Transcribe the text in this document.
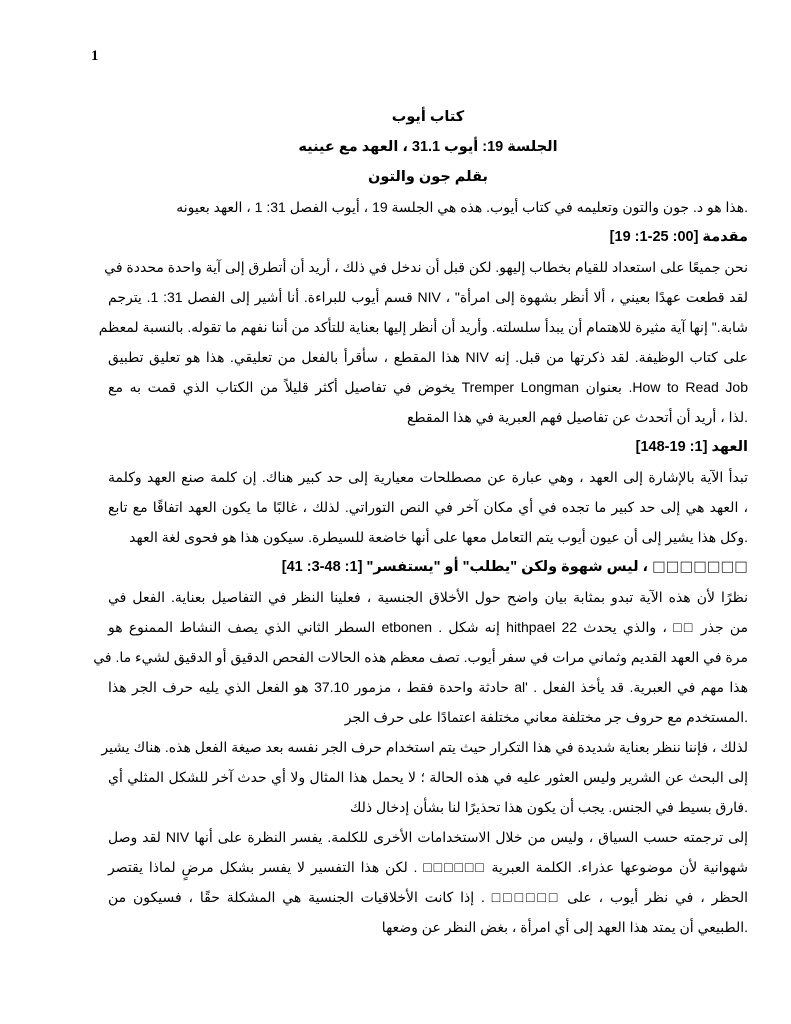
1

كتاب أيوب

الجلسة 19: أيوب 31.1 ، العهد مع عينيه

بقلم جون والتون

.هذا هو د. جون والتون وتعليمه في كتاب أيوب. هذه هي الجلسة 19 ، أيوب الفصل 31: 1 ، العهد بعيونه

مقدمة [00: 25-1: 19]

نحن جميعًا على استعداد للقيام بخطاب إليهو. لكن قبل أن ندخل في ذلك ، أريد أن أتطرق إلى آية واحدة محددة في

لقد قطعت عهدًا بعيني ، ألا أنظر بشهوة إلى امرأة" ، NIV قسم أيوب للبراءة. أنا أشير إلى الفصل 31: 1. يترجم

شابة." إنها آية مثيرة للاهتمام أن يبدأ سلسلته. وأريد أن أنظر إليها بعناية للتأكد من أننا نفهم ما تقوله. بالنسبة لمعظم

على كتاب الوظيفة. لقد ذكرتها من قبل. إنه NIV هذا المقطع ، سأقرأ بالفعل من تعليقي. هذا هو تعليق تطبيق

How to Read Job. بعنوان Tremper Longman يخوض في تفاصيل أكثر قليلاً من الكتاب الذي قمت به مع

.لذا ، أريد أن أتحدث عن تفاصيل فهم العبرية في هذا المقطع

العهد [1: 19-148]

تبدأ الآية بالإشارة إلى العهد ، وهي عبارة عن مصطلحات معيارية إلى حد كبير هناك. إن كلمة صنع العهد وكلمة

، العهد هي إلى حد كبير ما تجده في أي مكان آخر في النص التوراتي. لذلك ، غالبًا ما يكون العهد اتفاقًا مع تابع

.وكل هذا يشير إلى أن عيون أيوب يتم التعامل معها على أنها خاضعة للسيطرة. سيكون هذا هو فحوى لغة العهد

□□□□□□□ ، ليس شهوة ولكن "يطلب" أو "يستفسر" [1: 48-3: 41]

نظرًا لأن هذه الآية تبدو بمثابة بيان واضح حول الأخلاق الجنسية ، فعلينا النظر في التفاصيل بعناية. الفعل في

من جذر □□ ، والذي يحدث 22 hithpael إنه شكل . etbonen السطر الثاني الذي يصف النشاط الممنوع هو

مرة في العهد القديم وثماني مرات في سفر أيوب. تصف معظم هذه الحالات الفحص الدقيق أو الدقيق لشيء ما. في

هذا مهم في العبرية. قد يأخذ الفعل . 'al حادثة واحدة فقط ، مزمور 37.10 هو الفعل الذي يليه حرف الجر هذا

.المستخدم مع حروف جر مختلفة معاني مختلفة اعتمادًا على حرف الجر

لذلك ، فإننا ننظر بعناية شديدة في هذا التكرار حيث يتم استخدام حرف الجر نفسه بعد صيغة الفعل هذه. هناك يشير

إلى البحث عن الشرير وليس العثور عليه في هذه الحالة ؛ لا يحمل هذا المثال ولا أي حدث آخر للشكل المثلي أي

.فارق بسيط في الجنس. يجب أن يكون هذا تحذيرًا لنا بشأن إدخال ذلك

إلى ترجمته حسب السياق ، وليس من خلال الاستخدامات الأخرى للكلمة. يفسر النظرة على أنها NIV لقد وصل

شهوانية لأن موضوعها عذراء. الكلمة العبرية □□□□□□ . لكن هذا التفسير لا يفسر بشكل مرضٍ لماذا يقتصر

الحظر ، في نظر أيوب ، على □□□□□□ . إذا كانت الأخلاقيات الجنسية هي المشكلة حقًا ، فسيكون من

.الطبيعي أن يمتد هذا العهد إلى أي امرأة ، بغض النظر عن وضعها
